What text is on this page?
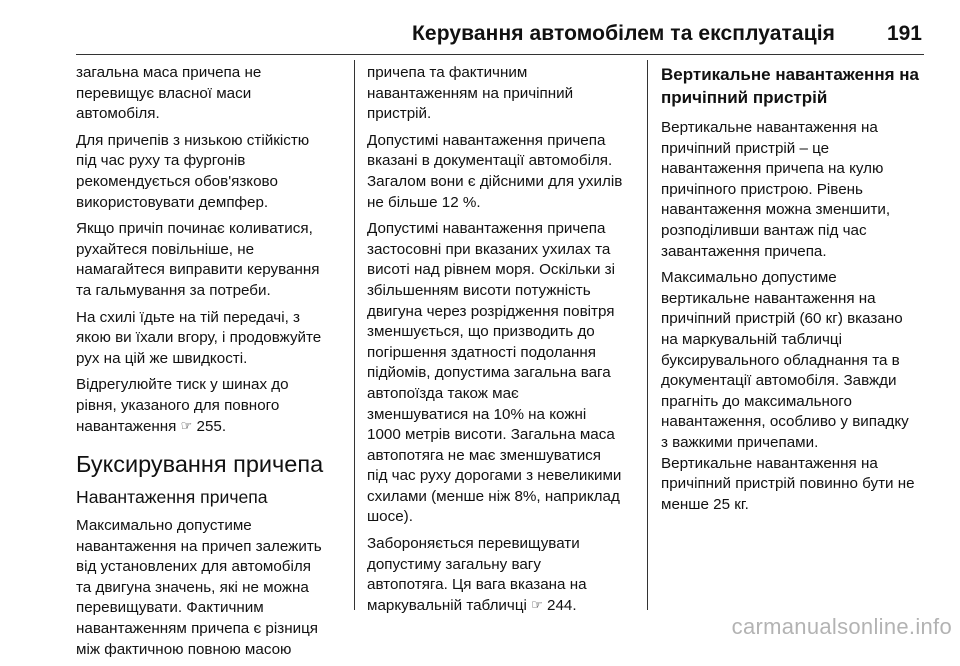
Керування автомобілем та експлуатація 191
загальна маса причепа не
перевищує власної маси
автомобіля.
Для причепів з низькою стійкістю
під час руху та фургонів
рекомендується обов'язково
використовувати демпфер.
Якщо причіп починає коливатися,
рухайтеся повільніше, не
намагайтеся виправити керування
та гальмування за потреби.
На схилі їдьте на тій передачі, з
якою ви їхали вгору, і продовжуйте
рух на цій же швидкості.
Відрегулюйте тиск у шинах до
рівня, указаного для повного
навантаження ☞ 255.
Буксирування причепа
Навантаження причепа
Максимально допустиме
навантаження на причеп залежить
від установлених для автомобіля
та двигуна значень, які не можна
перевищувати. Фактичним
навантаженням причепа є різниця
між фактичною повною масою
причепа та фактичним
навантаженням на причіпний
пристрій.
Допустимі навантаження причепа
вказані в документації автомобіля.
Загалом вони є дійсними для ухилів
не більше 12 %.
Допустимі навантаження причепа
застосовні при вказаних ухилах та
висоті над рівнем моря. Оскільки зі
збільшенням висоти потужність
двигуна через розрідження повітря
зменшується, що призводить до
погіршення здатності подолання
підйомів, допустима загальна вага
автопоїзда також має
зменшуватися на 10% на кожні
1000 метрів висоти. Загальна маса
автопотяга не має зменшуватися
під час руху дорогами з невеликими
схилами (менше ніж 8%, наприклад
шосе).
Забороняється перевищувати
допустиму загальну вагу
автопотяга. Ця вага вказана на
маркувальній табличці ☞ 244.
Вертикальне навантаження на
причіпний пристрій
Вертикальне навантаження на
причіпний пристрій – це
навантаження причепа на кулю
причіпного пристрою. Рівень
навантаження можна зменшити,
розподіливши вантаж під час
завантаження причепа.
Максимально допустиме
вертикальне навантаження на
причіпний пристрій (60 кг) вказано
на маркувальній табличці
буксирувального обладнання та в
документації автомобіля. Завжди
прагніть до максимального
навантаження, особливо у випадку
з важкими причепами.
Вертикальне навантаження на
причіпний пристрій повинно бути не
менше 25 кг.
carmanualsonline.info
